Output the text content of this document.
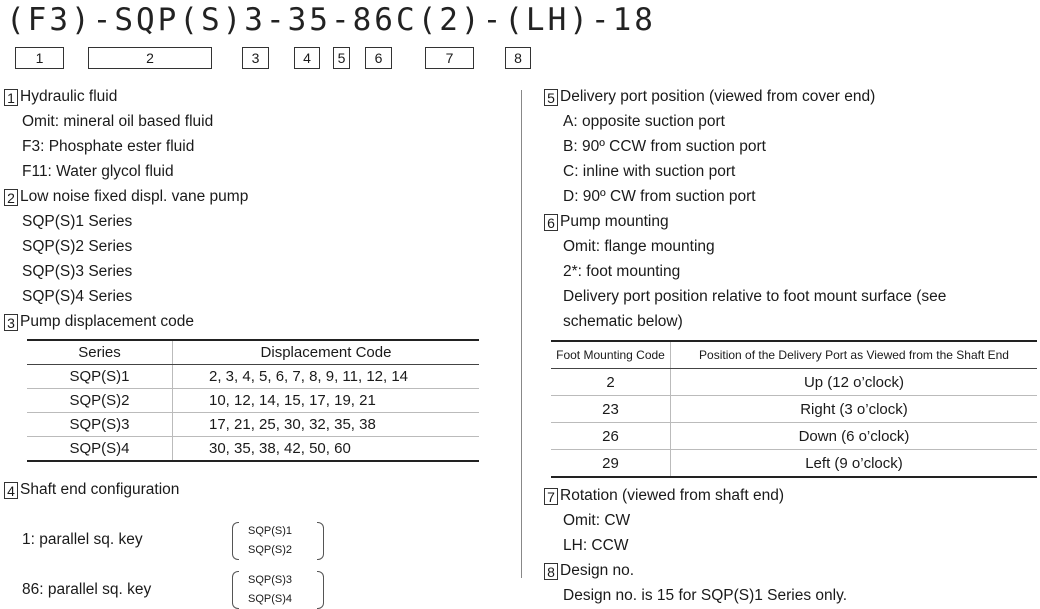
(F3)-SQP(S)3-35-86C(2)-(LH)-18
1	2	3	4	5	6	7	8
1 Hydraulic fluid
Omit: mineral oil based fluid
F3: Phosphate ester fluid
F11: Water glycol fluid
2 Low noise fixed displ. vane pump
SQP(S)1 Series
SQP(S)2 Series
SQP(S)3 Series
SQP(S)4 Series
3 Pump displacement code
Series	Displacement Code
SQP(S)1	2, 3, 4, 5, 6, 7, 8, 9, 11, 12, 14
SQP(S)2	10, 12, 14, 15, 17, 19, 21
SQP(S)3	17, 21, 25, 30, 32, 35, 38
SQP(S)4	30, 35, 38, 42, 50, 60
4 Shaft end configuration
1: parallel sq. key	SQP(S)1
SQP(S)2
86: parallel sq. key
SQP(S)3
SQP(S)4
5 Delivery port position (viewed from cover end)
A: opposite suction port
B: 90º CCW from suction port
C: inline with suction port
D: 90º CW from suction port
6 Pump mounting
Omit: flange mounting
2*: foot mounting
Delivery port position relative to foot mount surface (see
schematic below)
Foot Mounting Code	Position of the Delivery Port as Viewed from the Shaft End
2	Up (12 o’clock)
23	Right (3 o’clock)
26	Down (6 o’clock)
29	Left (9 o’clock)
7 Rotation (viewed from shaft end)
Omit: CW
LH: CCW
8 Design no.
Design no. is 15 for SQP(S)1 Series only.
